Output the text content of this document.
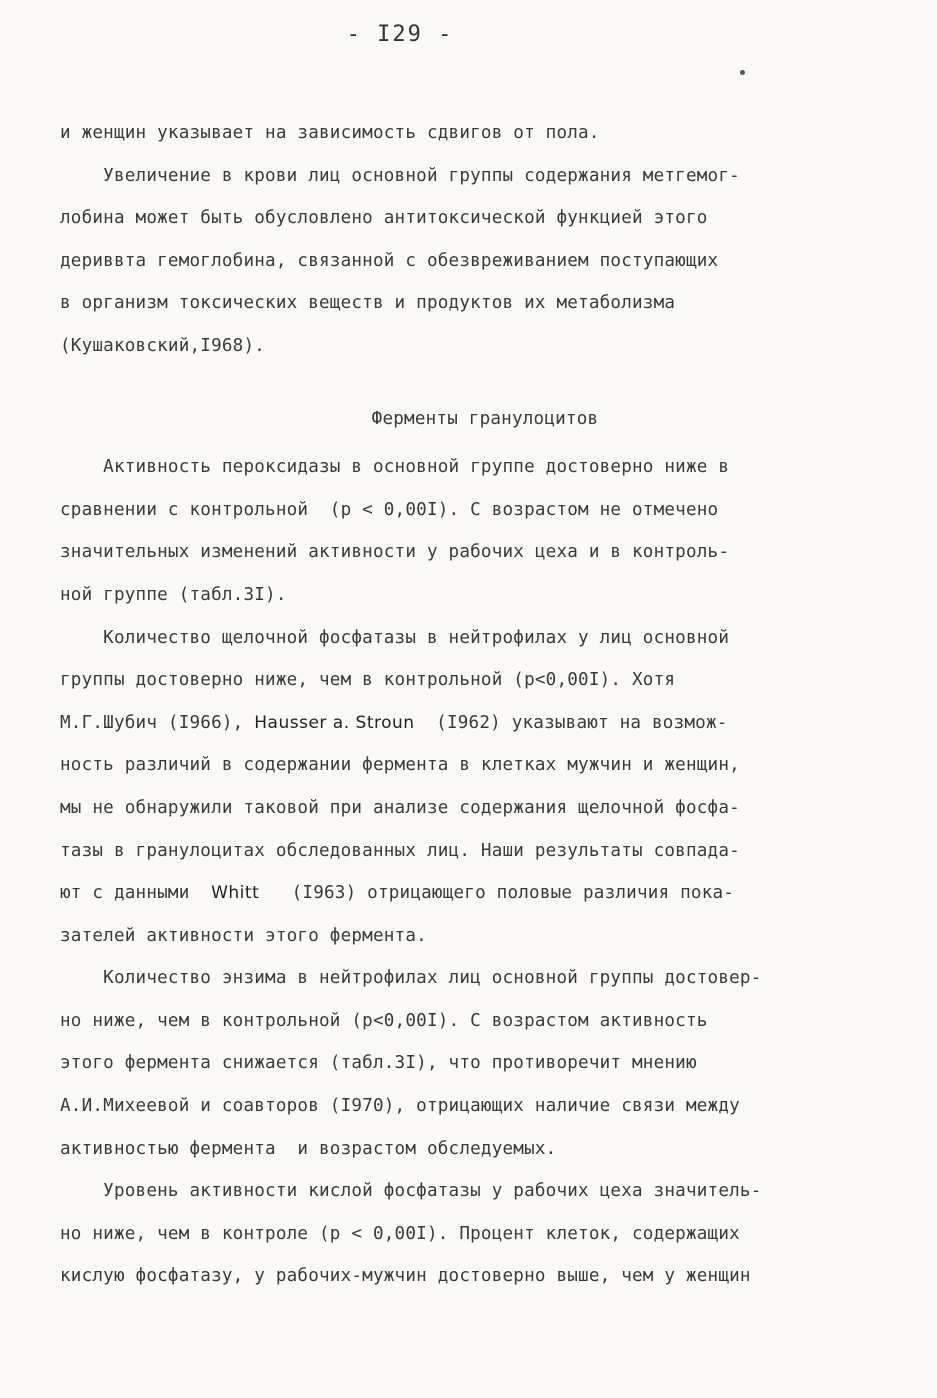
- I29 -
и женщин указывает на зависимость сдвигов от пола.
Увеличение в крови лиц основной группы содержания метгемог-
лобина может быть обусловлено антитоксической функцией этого
дериввта гемоглобина, связанной с обезвреживанием поступающих
в организм токсических веществ и продуктов их метаболизма
(Кушаковский,I968).
Ферменты гранулоцитов
Активность пероксидазы в основной группе достоверно ниже в
сравнении с контрольной  (p < 0,00I). С возрастом не отмечено
значительных изменений активности у рабочих цеха и в контроль-
ной группе (табл.3I).
Количество щелочной фосфатазы в нейтрофилах у лиц основной
группы достоверно ниже, чем в контрольной (p<0,00I). Хотя
М.Г.Шубич (I966), Hausser a. Stroun  (I962) указывают на возмож-
ность различий в содержании фермента в клетках мужчин и женщин,
мы не обнаружили таковой при анализе содержания щелочной фосфа-
тазы в гранулоцитах обследованных лиц. Наши результаты совпада-
ют с данными  Whitt   (I963) отрицающего половые различия пока-
зателей активности этого фермента.
Количество энзима в нейтрофилах лиц основной группы достовер-
но ниже, чем в контрольной (p<0,00I). С возрастом активность
этого фермента снижается (табл.3I), что противоречит мнению
А.И.Михеевой и соавторов (I970), отрицающих наличие связи между
активностью фермента  и возрастом обследуемых.
Уровень активности кислой фосфатазы у рабочих цеха значитель-
но ниже, чем в контроле (p < 0,00I). Процент клеток, содержащих
кислую фосфатазу, у рабочих-мужчин достоверно выше, чем у женщин
